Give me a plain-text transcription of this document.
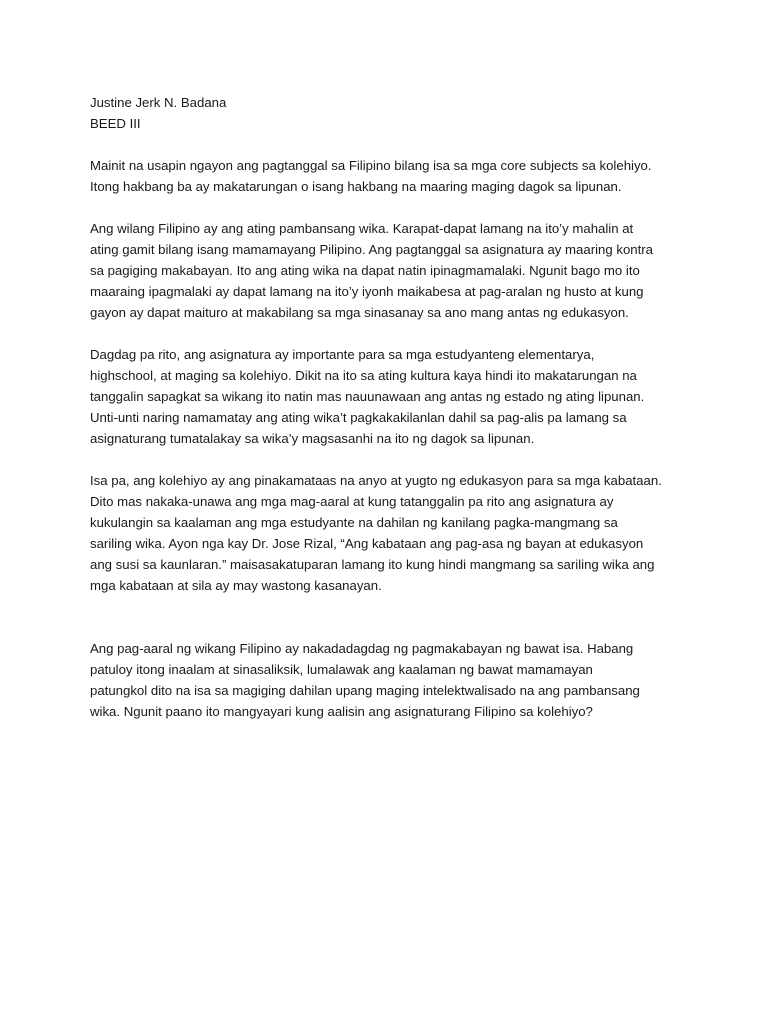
Justine Jerk N. Badana
BEED III
Mainit na usapin ngayon ang pagtanggal sa Filipino bilang isa sa mga core subjects sa kolehiyo.
Itong hakbang ba ay makatarungan o isang hakbang na maaring maging dagok sa lipunan.
Ang wilang Filipino ay ang ating pambansang wika. Karapat-dapat lamang na ito’y mahalin at
ating gamit bilang isang mamamayang Pilipino. Ang pagtanggal sa asignatura ay maaring kontra
sa pagiging makabayan. Ito ang ating wika na dapat natin ipinagmamalaki. Ngunit bago mo ito
maaraing ipagmalaki ay dapat lamang na ito’y iyonh maikabesa at pag-aralan ng husto at kung
gayon ay dapat maituro at makabilang sa mga sinasanay sa ano mang antas ng edukasyon.
Dagdag pa rito, ang asignatura ay importante para sa mga estudyanteng elementarya,
highschool, at maging sa kolehiyo. Dikit na ito sa ating kultura kaya hindi ito makatarungan na
tanggalin sapagkat sa wikang ito natin mas nauunawaan ang antas ng estado ng ating lipunan.
Unti-unti naring namamatay ang ating wika’t pagkakakilanlan dahil sa pag-alis pa lamang sa
asignaturang tumatalakay sa wika’y magsasanhi na ito ng dagok sa lipunan.
Isa pa, ang kolehiyo ay ang pinakamataas na anyo at yugto ng edukasyon para sa mga kabataan.
Dito mas nakaka-unawa ang mga mag-aaral at kung tatanggalin pa rito ang asignatura ay
kukulangin sa kaalaman ang mga estudyante na dahilan ng kanilang pagka-mangmang sa
sariling wika. Ayon nga kay Dr. Jose Rizal, “Ang kabataan ang pag-asa ng bayan at edukasyon
ang susi sa kaunlaran.” maisasakatuparan lamang ito kung hindi mangmang sa sariling wika ang
mga kabataan at sila ay may wastong kasanayan.
Ang pag-aaral ng wikang Filipino ay nakadadagdag ng pagmakabayan ng bawat isa. Habang
patuloy itong inaalam at sinasaliksik, lumalawak ang kaalaman ng bawat mamamayan
patungkol dito na isa sa magiging dahilan upang maging intelektwalisado na ang pambansang
wika. Ngunit paano ito mangyayari kung aalisin ang asignaturang Filipino sa kolehiyo?
